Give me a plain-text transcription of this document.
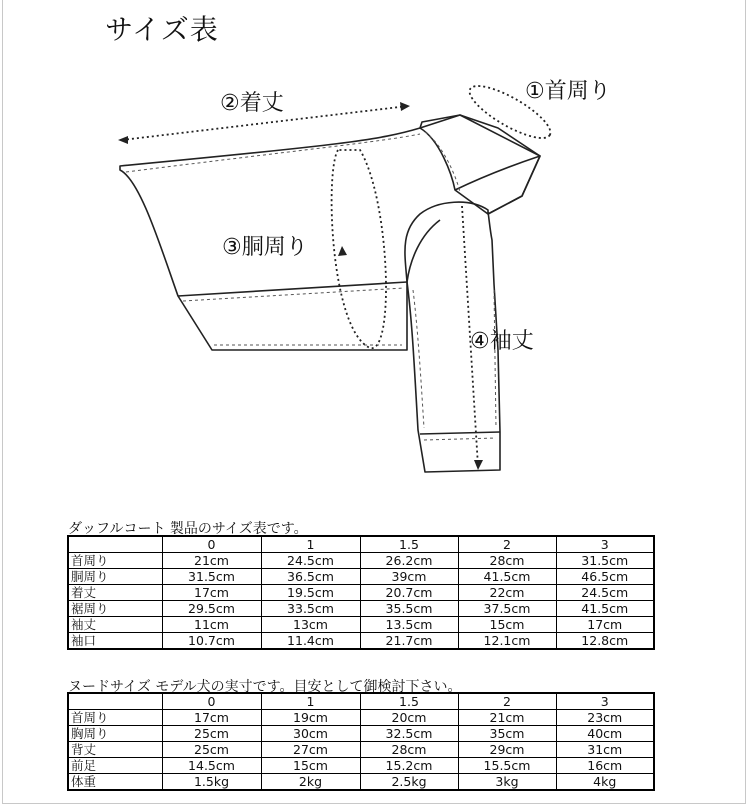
サイズ表
①首周り
②着丈
③胴周り
④袖丈
ダッフルコート 製品のサイズ表です。
	0	1	1.5	2	3
首周り	21cm	24.5cm	26.2cm	28cm	31.5cm
胴周り	31.5cm	36.5cm	39cm	41.5cm	46.5cm
着丈	17cm	19.5cm	20.7cm	22cm	24.5cm
裾周り	29.5cm	33.5cm	35.5cm	37.5cm	41.5cm
袖丈	11cm	13cm	13.5cm	15cm	17cm
袖口	10.7cm	11.4cm	21.7cm	12.1cm	12.8cm
ヌードサイズ モデル犬の実寸です。目安として御検討下さい。
	0	1	1.5	2	3
首周り	17cm	19cm	20cm	21cm	23cm
胸周り	25cm	30cm	32.5cm	35cm	40cm
背丈	25cm	27cm	28cm	29cm	31cm
前足	14.5cm	15cm	15.2cm	15.5cm	16cm
体重	1.5kg	2kg	2.5kg	3kg	4kg
